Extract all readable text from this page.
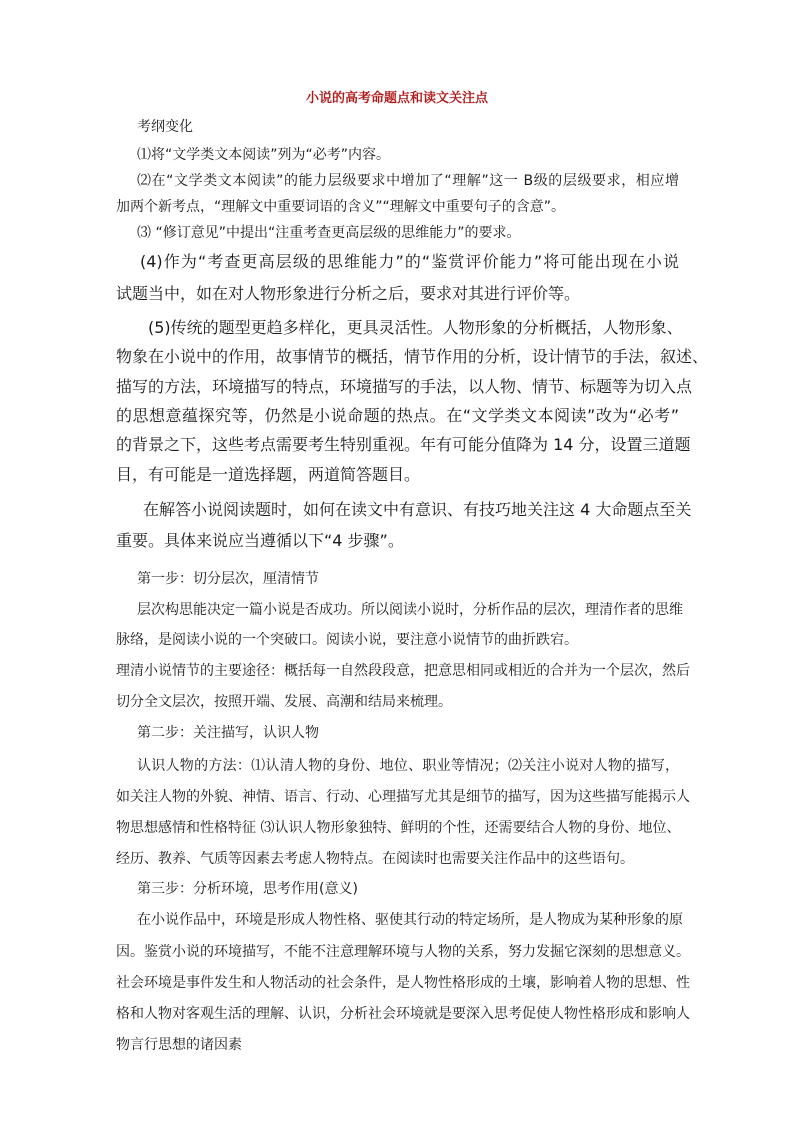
小说的高考命题点和读文关注点
考纲变化
⑴将“文学类文本阅读”列为“必考”内容。
⑵在“文学类文本阅读”的能力层级要求中增加了“理解”这一 B级的层级要求，相应增
加两个新考点，“理解文中重要词语的含义”“理解文中重要句子的含意”。
⑶ “修订意见”中提出“注重考查更高层级的思维能力”的要求。
(4)作为“考查更高层级的思维能力”的“鉴赏评价能力”将可能出现在小说
试题当中，如在对人物形象进行分析之后，要求对其进行评价等。
(5)传统的题型更趋多样化，更具灵活性。人物形象的分析概括，人物形象、
物象在小说中的作用，故事情节的概括，情节作用的分析，设计情节的手法，叙述、
描写的方法，环境描写的特点，环境描写的手法，以人物、情节、标题等为切入点
的思想意蕴探究等，仍然是小说命题的热点。在“文学类文本阅读”改为“必考”
的背景之下，这些考点需要考生特别重视。年有可能分值降为 14 分，设置三道题
目，有可能是一道选择题，两道简答题目。
在解答小说阅读题时，如何在读文中有意识、有技巧地关注这 4 大命题点至关
重要。具体来说应当遵循以下“4 步骤”。
第一步：切分层次，厘清情节
层次构思能决定一篇小说是否成功。所以阅读小说时，分析作品的层次，理清作者的思维
脉络，是阅读小说的一个突破口。阅读小说，要注意小说情节的曲折跌宕。
理清小说情节的主要途径：概括每一自然段段意，把意思相同或相近的合并为一个层次，然后
切分全文层次，按照开端、发展、高潮和结局来梳理。
第二步：关注描写，认识人物
认识人物的方法：⑴认清人物的身份、地位、职业等情况；⑵关注小说对人物的描写，
如关注人物的外貌、神情、语言、行动、心理描写尤其是细节的描写，因为这些描写能揭示人
物思想感情和性格特征 ⑶认识人物形象独特、鲜明的个性，还需要结合人物的身份、地位、
经历、教养、气质等因素去考虑人物特点。在阅读时也需要关注作品中的这些语句。
第三步：分析环境，思考作用(意义)
在小说作品中，环境是形成人物性格、驱使其行动的特定场所，是人物成为某种形象的原
因。鉴赏小说的环境描写，不能不注意理解环境与人物的关系，努力发掘它深刻的思想意义。
社会环境是事件发生和人物活动的社会条件，是人物性格形成的土壤，影响着人物的思想、性
格和人物对客观生活的理解、认识，分析社会环境就是要深入思考促使人物性格形成和影响人
物言行思想的诸因素
